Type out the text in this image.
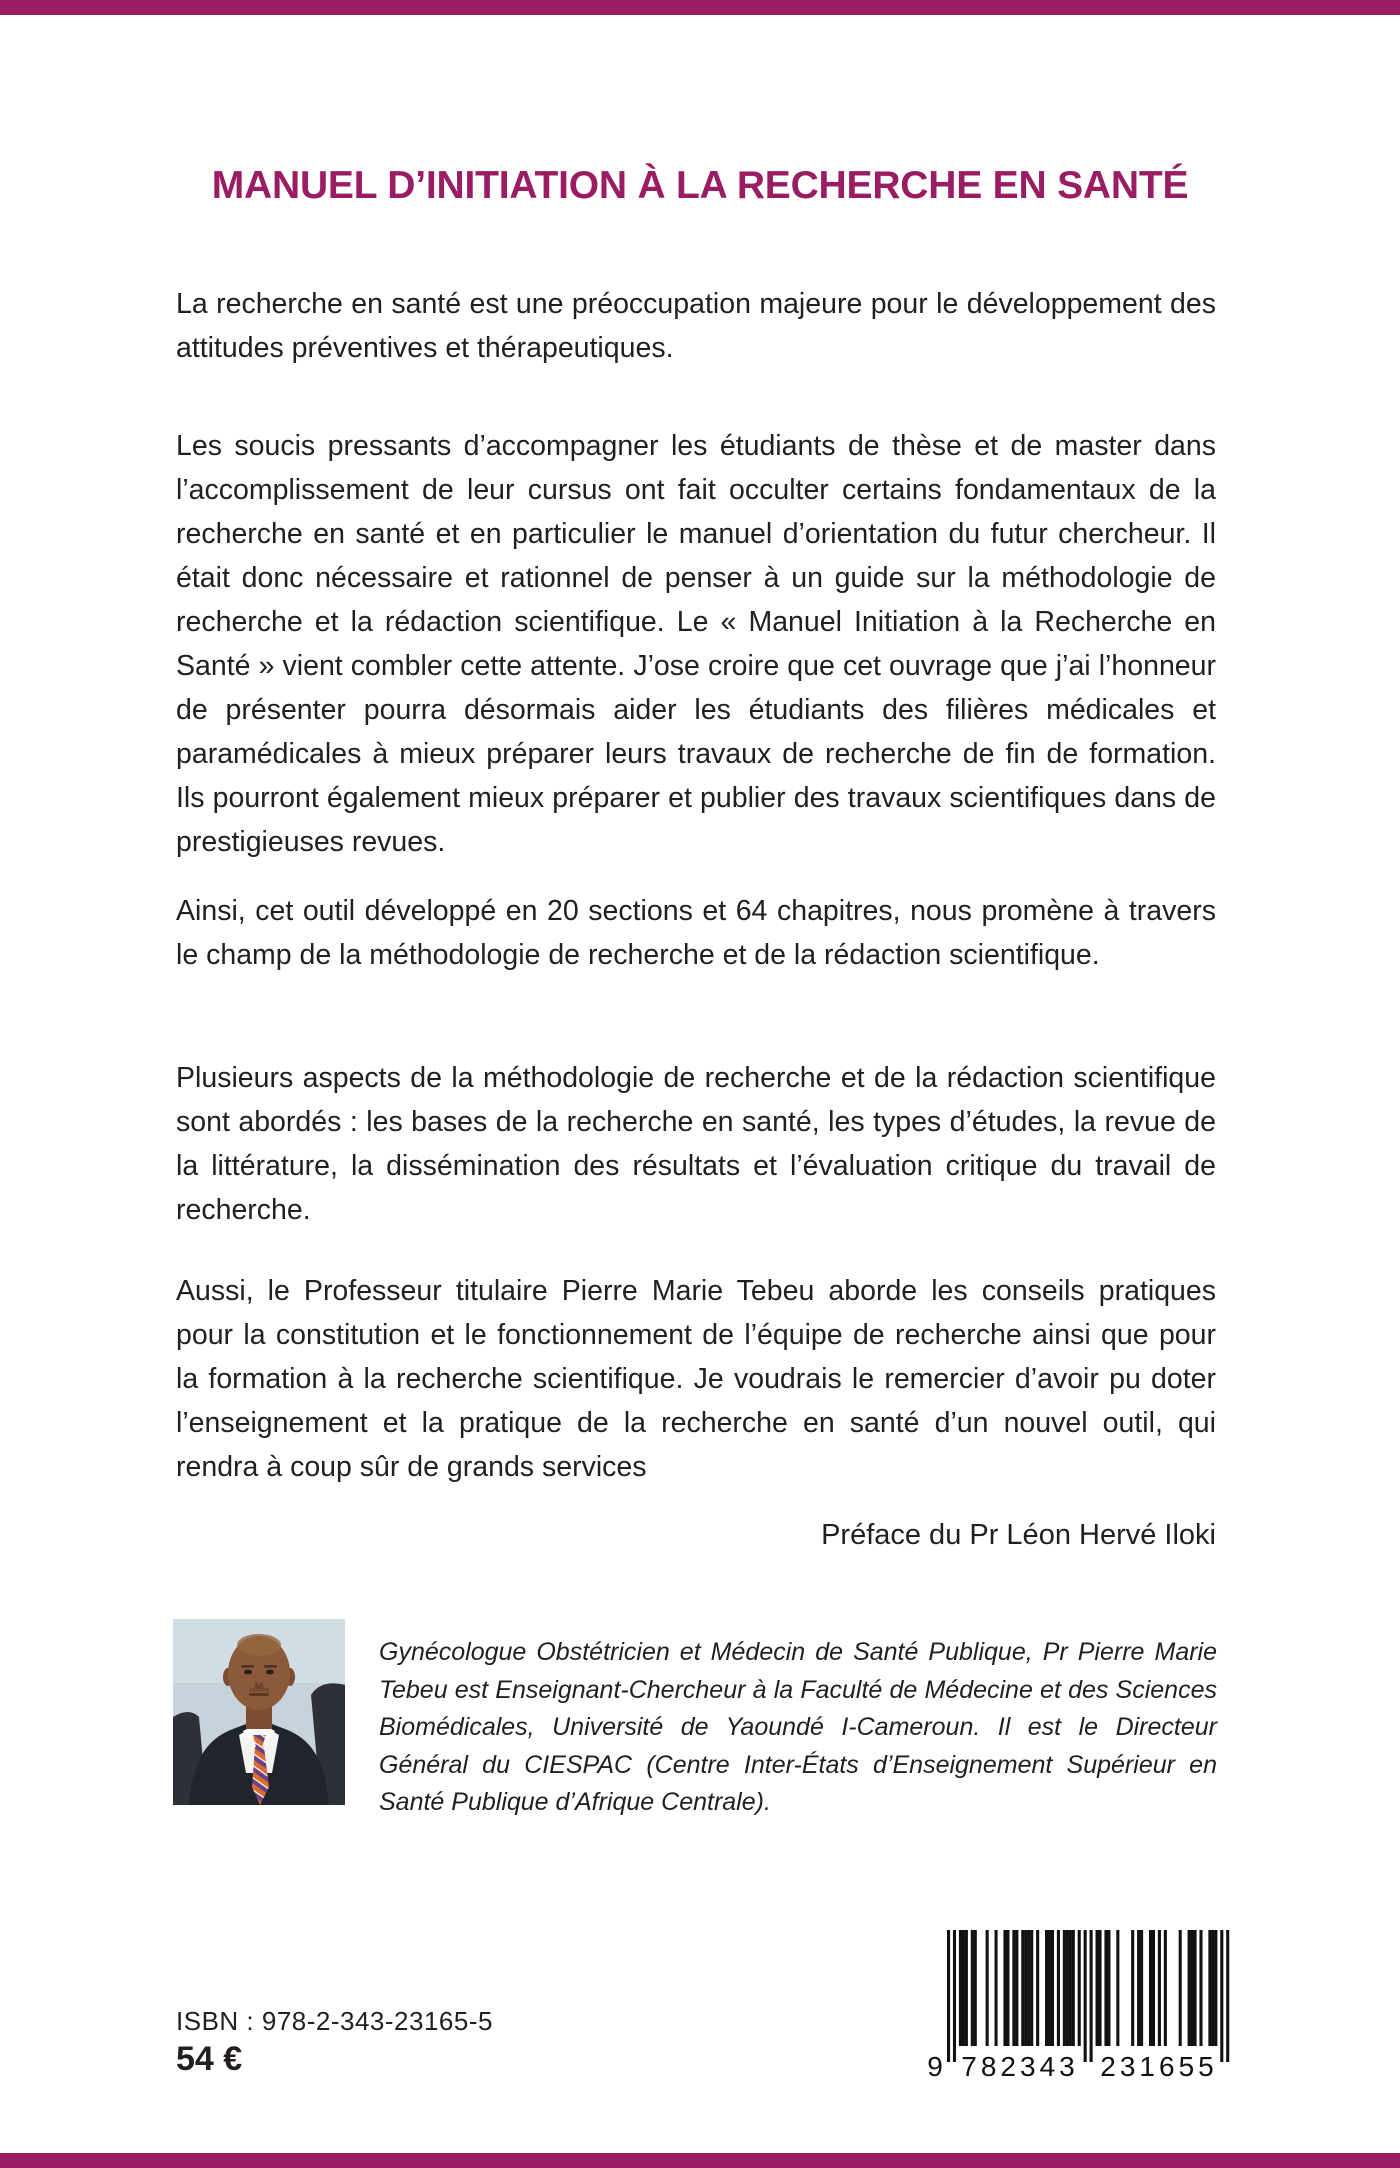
MANUEL D’INITIATION À LA RECHERCHE EN SANTÉ

La recherche en santé est une préoccupation majeure pour le développement des attitudes préventives et thérapeutiques.

Les soucis pressants d’accompagner les étudiants de thèse et de master dans l’accomplissement de leur cursus ont fait occulter certains fondamentaux de la recherche en santé et en particulier le manuel d’orientation du futur chercheur. Il était donc nécessaire et rationnel de penser à un guide sur la méthodologie de recherche et la rédaction scientifique. Le « Manuel Initiation à la Recherche en Santé » vient combler cette attente. J’ose croire que cet ouvrage que j’ai l’honneur de présenter pourra désormais aider les étudiants des filières médicales et paramédicales à mieux préparer leurs travaux de recherche de fin de formation. Ils pourront également mieux préparer et publier des travaux scientifiques dans de prestigieuses revues.

Ainsi, cet outil développé en 20 sections et 64 chapitres, nous promène à travers le champ de la méthodologie de recherche et de la rédaction scientifique.

Plusieurs aspects de la méthodologie de recherche et de la rédaction scientifique sont abordés : les bases de la recherche en santé, les types d’études, la revue de la littérature, la dissémination des résultats et l’évaluation critique du travail de recherche.

Aussi, le Professeur titulaire Pierre Marie Tebeu aborde les conseils pratiques pour la constitution et le fonctionnement de l’équipe de recherche ainsi que pour la formation à la recherche scientifique. Je voudrais le remercier d’avoir pu doter l’enseignement et la pratique de la recherche en santé d’un nouvel outil, qui rendra à coup sûr de grands services

Préface du Pr Léon Hervé Iloki

Gynécologue Obstétricien et Médecin de Santé Publique, Pr Pierre Marie Tebeu est Enseignant-Chercheur à la Faculté de Médecine et des Sciences Biomédicales, Université de Yaoundé I-Cameroun. Il est le Directeur Général du CIESPAC (Centre Inter-États d’Enseignement Supérieur en Santé Publique d’Afrique Centrale).

ISBN : 978-2-343-23165-5

54 €	9 782343 231655
